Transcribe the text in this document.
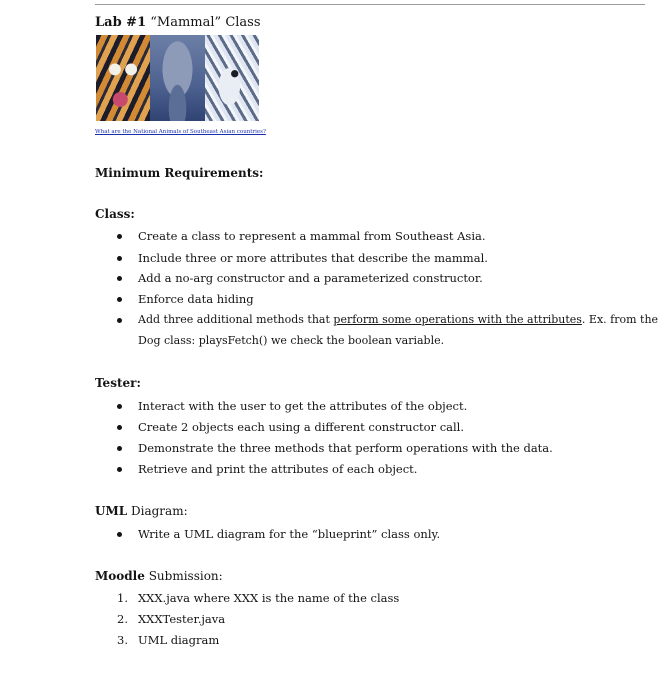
Lab #1 “Mammal” Class
What are the National Animals of Southeast Asian countries?
Minimum Requirements:
Class:
Create a class to represent a mammal from Southeast Asia.
Include three or more attributes that describe the mammal.
Add a no-arg constructor and a parameterized constructor.
Enforce data hiding
Add three additional methods that perform some operations with the attributes. Ex. from the
Dog class: playsFetch() we check the boolean variable.
Tester:
Interact with the user to get the attributes of the object.
Create 2 objects each using a different constructor call.
Demonstrate the three methods that perform operations with the data.
Retrieve and print the attributes of each object.
UML Diagram:
Write a UML diagram for the “blueprint” class only.
Moodle Submission:
1. XXX.java where XXX is the name of the class
2. XXXTester.java
3. UML diagram
